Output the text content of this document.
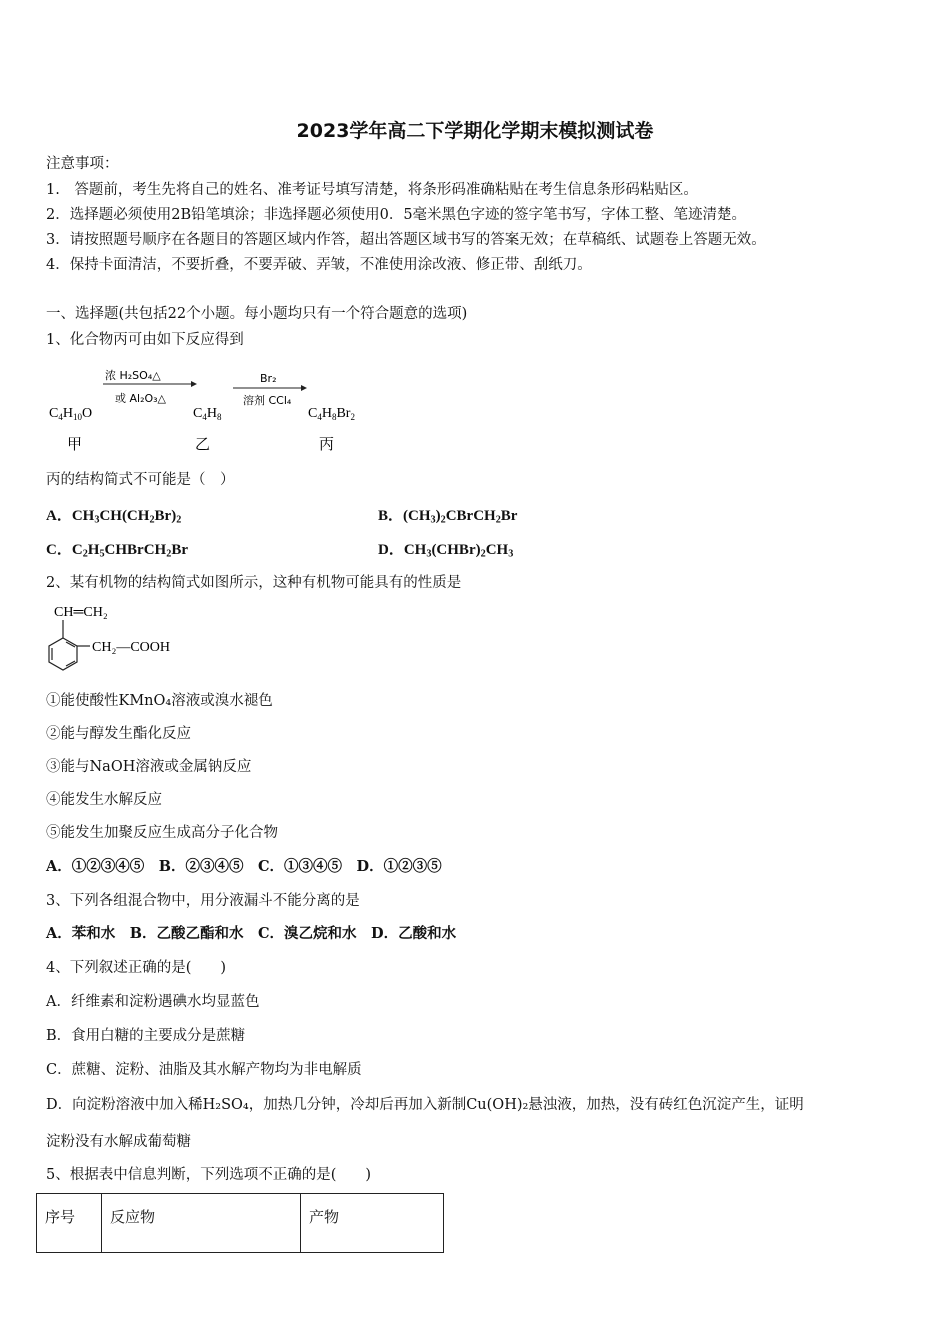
2023学年高二下学期化学期末模拟测试卷
注意事项：
1.　答题前，考生先将自己的姓名、准考证号填写清楚，将条形码准确粘贴在考生信息条形码粘贴区。
2．选择题必须使用2B铅笔填涂；非选择题必须使用0．5毫米黑色字迹的签字笔书写，字体工整、笔迹清楚。
3．请按照题号顺序在各题目的答题区域内作答，超出答题区域书写的答案无效；在草稿纸、试题卷上答题无效。
4．保持卡面清洁，不要折叠，不要弄破、弄皱，不准使用涂改液、修正带、刮纸刀。
一、选择题(共包括22个小题。每小题均只有一个符合题意的选项)
1、化合物丙可由如下反应得到
浓 H₂SO₄△
或 Al₂O₃△
Br₂
溶剂 CCl₄
$C_4H_{10}O$	$C_4H_8$	$C_4H_8Br_2$
甲	乙	丙
丙的结构简式不可能是（　）
A．$CH_3CH(CH_2Br)_2$	B．$(CH_3)_2CBrCH_2Br$
C．$C_2H_5CHBrCH_2Br$	D．$CH_3(CHBr)_2CH_3$
2、某有机物的结构简式如图所示，这种有机物可能具有的性质是
CH═CH₂
CH₂—COOH
①能使酸性KMnO₄溶液或溴水褪色
②能与醇发生酯化反应
③能与NaOH溶液或金属钠反应
④能发生水解反应
⑤能发生加聚反应生成高分子化合物
A．①②③④⑤　B．②③④⑤　C．①③④⑤　D．①②③⑤
3、下列各组混合物中，用分液漏斗不能分离的是
A．苯和水　B．乙酸乙酯和水　C．溴乙烷和水　D．乙酸和水
4、下列叙述正确的是(　　)
A．纤维素和淀粉遇碘水均显蓝色
B．食用白糖的主要成分是蔗糖
C．蔗糖、淀粉、油脂及其水解产物均为非电解质
D．向淀粉溶液中加入稀H₂SO₄，加热几分钟，冷却后再加入新制Cu(OH)₂悬浊液，加热，没有砖红色沉淀产生，证明
淀粉没有水解成葡萄糖
5、根据表中信息判断，下列选项不正确的是(　　)
序号	反应物	产物
